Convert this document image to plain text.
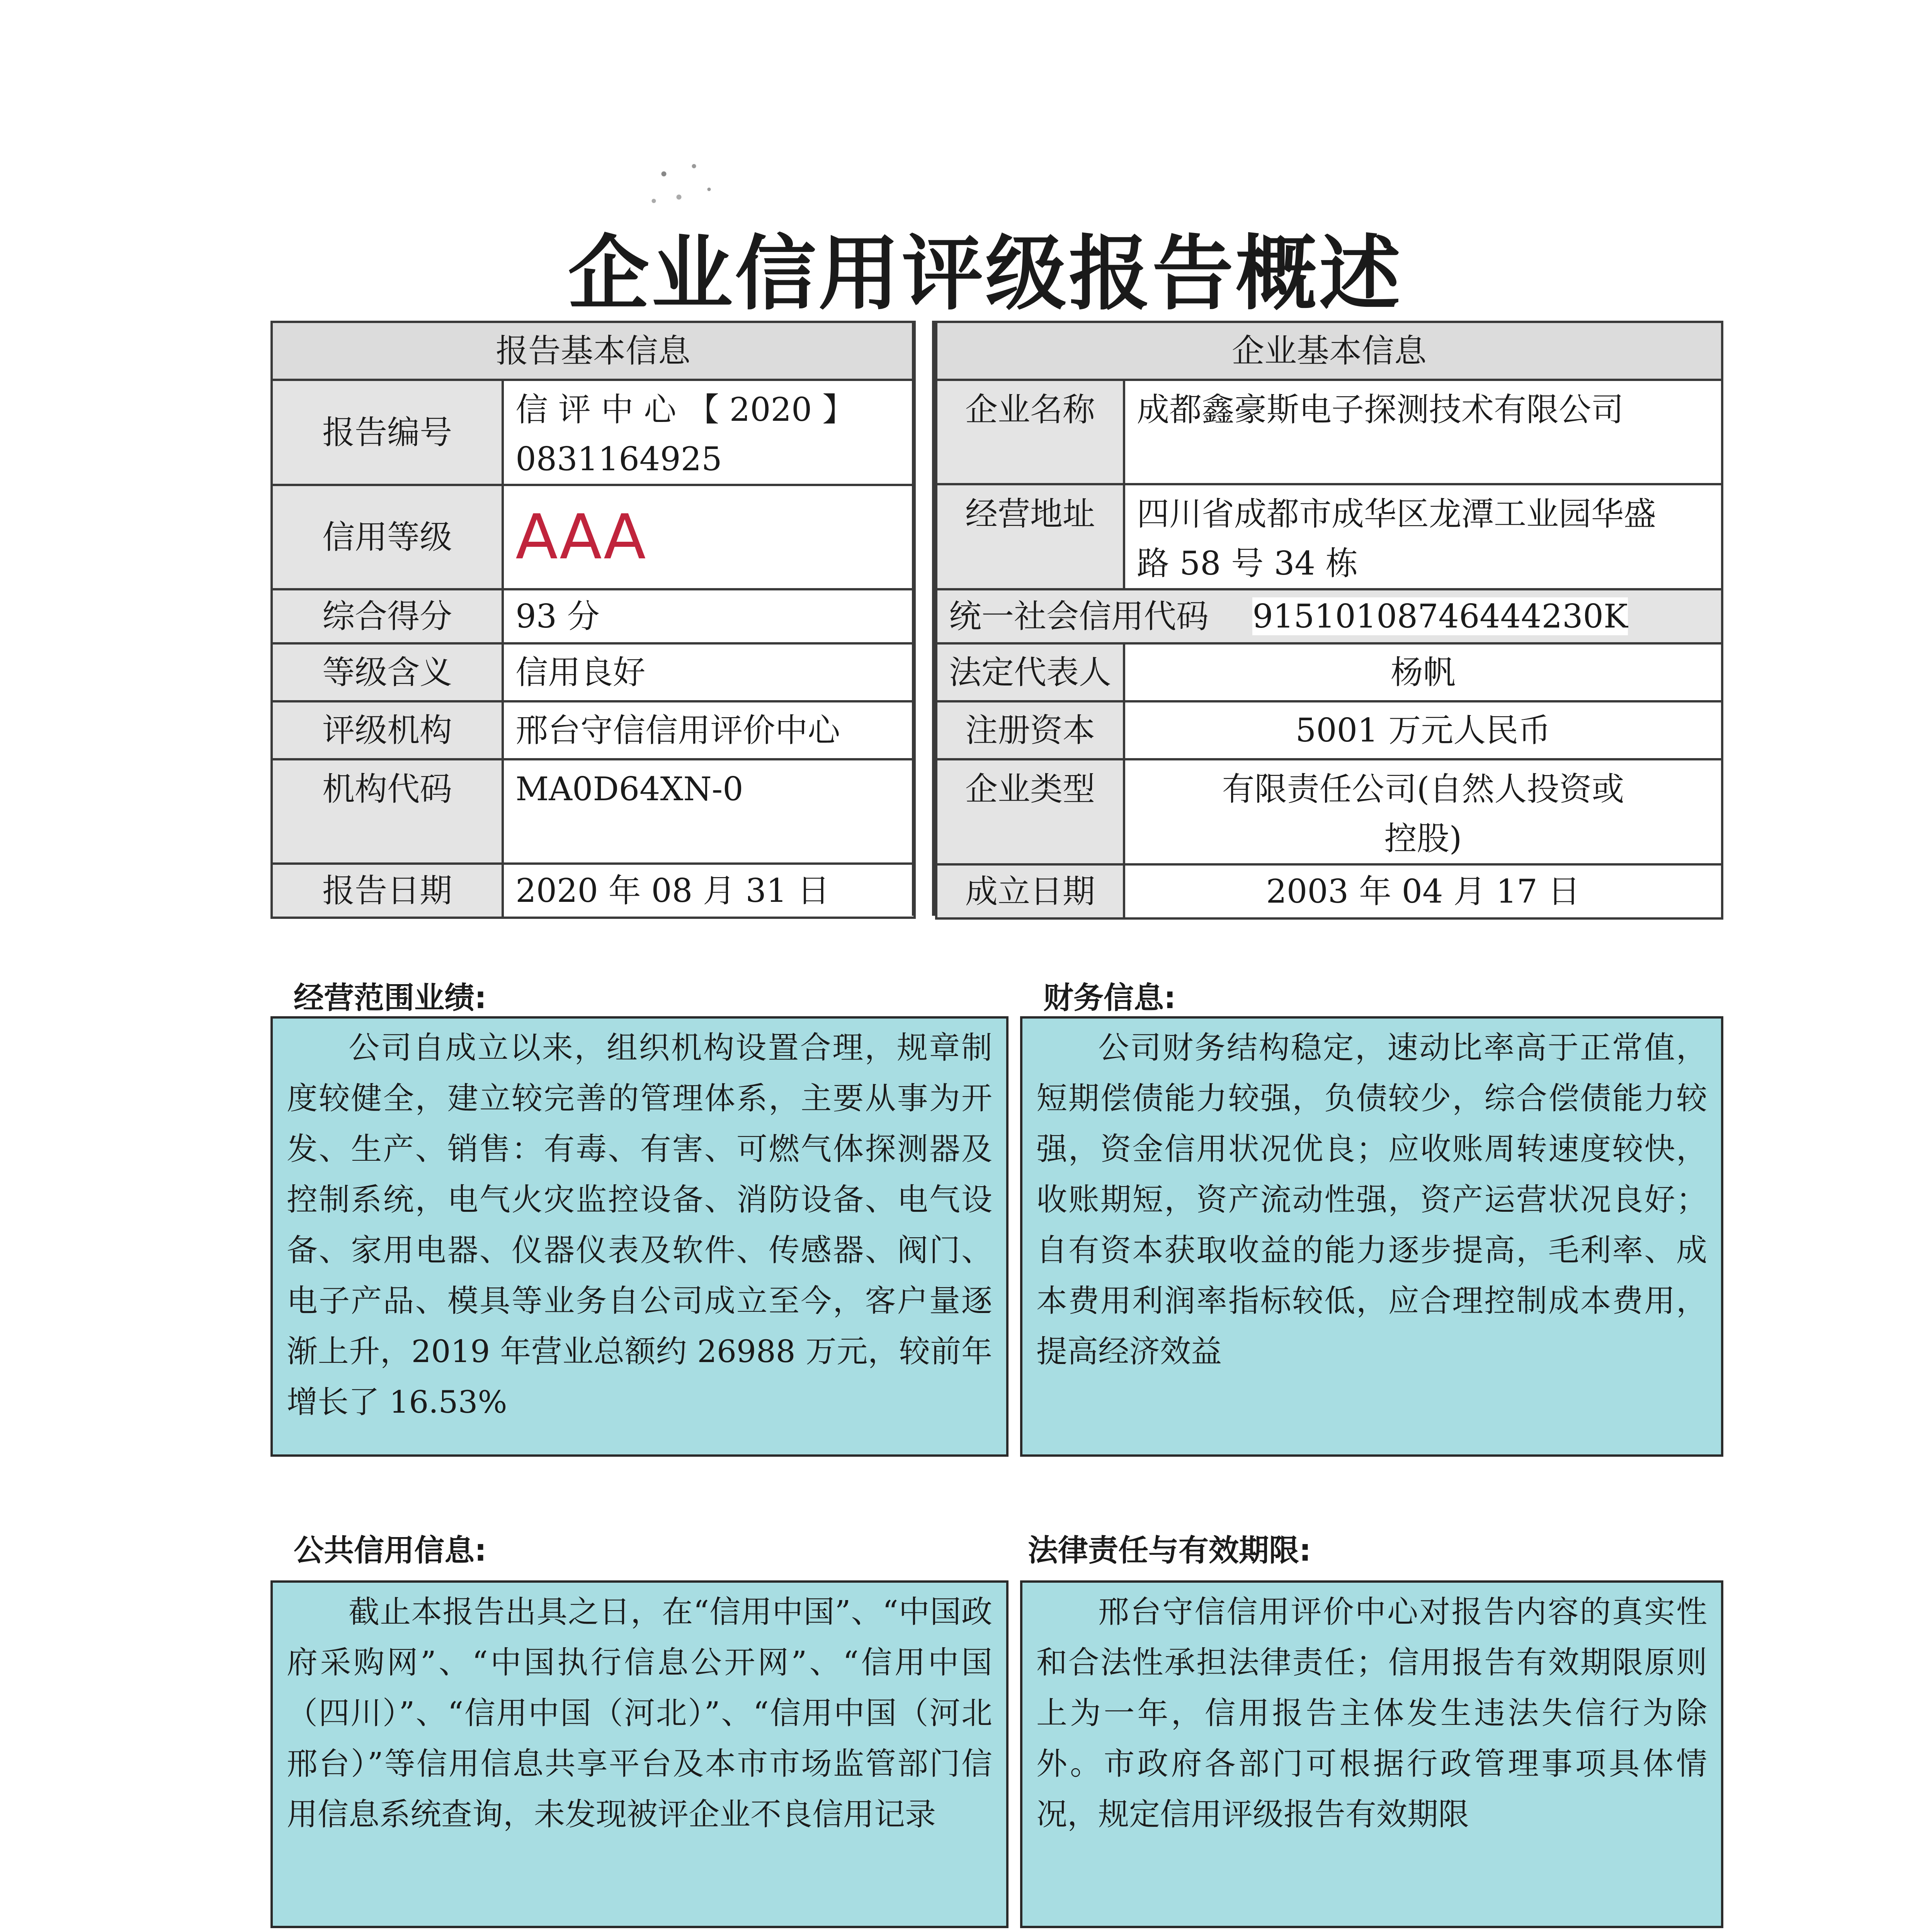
企业信用评级报告概述
报告基本信息	
报告编号	信 评 中 心 【 2020 】
0831164925

信用等级	AAA
综合得分	93 分
等级含义	信用良好
评级机构	邢台守信信用评价中心
机构代码	MA0D64XN-0
报告日期	2020 年 08 月 31 日
企业基本信息	
企业名称	成都鑫豪斯电子探测技术有限公司
经营地址	四川省成都市成华区龙潭工业园华盛
路 58 号 34 栋

统一社会信用代码 91510108746444230K	
法定代表人	杨帆
注册资本	5001 万元人民币
企业类型	有限责任公司(自然人投资或
控股)

成立日期	2003 年 04 月 17 日
经营范围业绩:	财务信息:

公司自成立以来，组织机构设置合理，规章制度较健全，建立较完善的管理体系，主要从事为开发、生产、销售：有毒、有害、可燃气体探测器及控制系统，电气火灾监控设备、消防设备、电气设备、家用电器、仪器仪表及软件、传感器、阀门、电子产品、模具等业务自公司成立至今，客户量逐渐上升，2019 年营业总额约 26988 万元，较前年增长了 16.53%

公司财务结构稳定，速动比率高于正常值，短期偿债能力较强，负债较少，综合偿债能力较强，资金信用状况优良；应收账周转速度较快，收账期短，资产流动性强，资产运营状况良好；自有资本获取收益的能力逐步提高，毛利率、成本费用利润率指标较低，应合理控制成本费用，提高经济效益

公共信用信息:	法律责任与有效期限:

截止本报告出具之日，在“信用中国”、“中国政府采购网”、“中国执行信息公开网”、“信用中国（四川）”、“信用中国（河北）”、“信用中国（河北邢台）”等信用信息共享平台及本市市场监管部门信用信息系统查询，未发现被评企业不良信用记录

邢台守信信用评价中心对报告内容的真实性和合法性承担法律责任；信用报告有效期限原则上为一年，信用报告主体发生违法失信行为除外。市政府各部门可根据行政管理事项具体情况，规定信用评级报告有效期限
